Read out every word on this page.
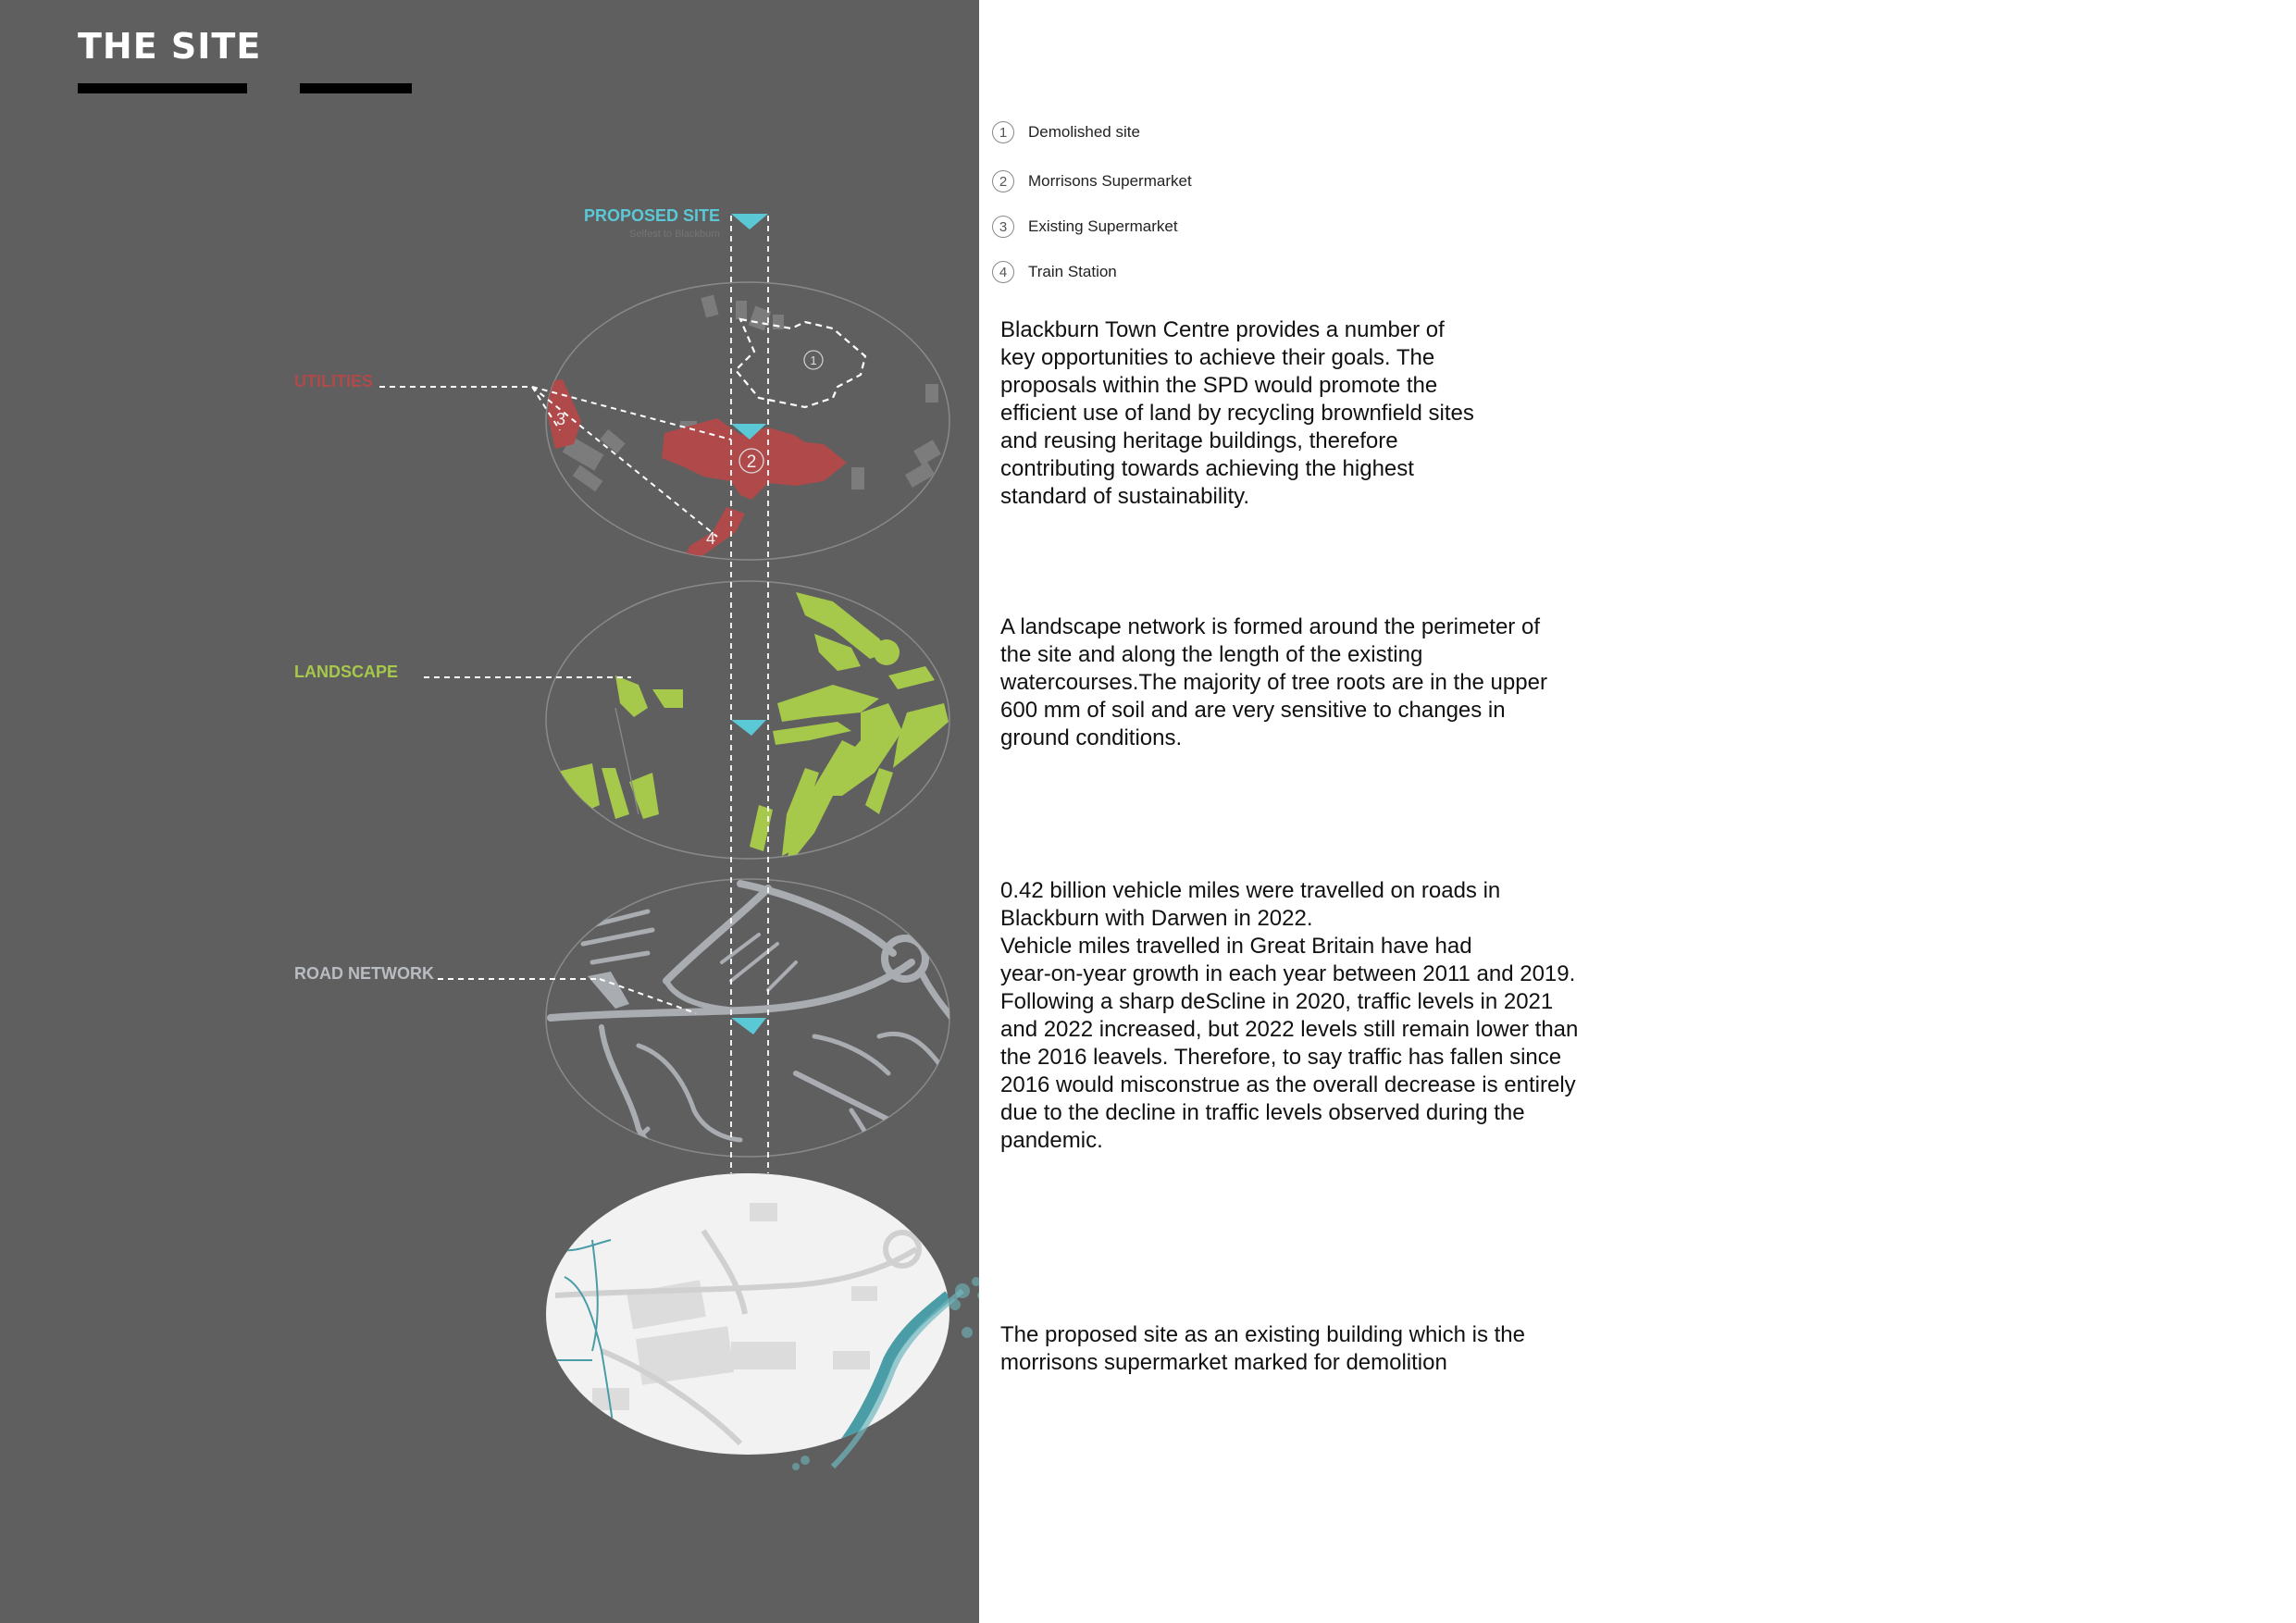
THE SITE
1
2
3
4
UTILITIES
LANDSCAPE
ROAD NETWORK
PROPOSED SITE
Selfest to Blackburn
1	Demolished site
2	Morrisons Supermarket
3	Existing Supermarket
4	Train Station

Blackburn Town Centre provides a number of
key opportunities to achieve their goals. The
proposals within the SPD would promote the
efficient use of land by recycling brownfield sites
and reusing heritage buildings, therefore
contributing towards achieving the highest
standard of sustainability.

A landscape network is formed around the perimeter of
the site and along the length of the existing
watercourses.The majority of tree roots are in the upper
600 mm of soil and are very sensitive to changes in
ground conditions.

0.42 billion vehicle miles were travelled on roads in
Blackburn with Darwen in 2022.
Vehicle miles travelled in Great Britain have had
year-on-year growth in each year between 2011 and 2019.
Following a sharp deScline in 2020, traffic levels in 2021
and 2022 increased, but 2022 levels still remain lower than
the 2016 leavels. Therefore, to say traffic has fallen since
2016 would misconstrue as the overall decrease is entirely
due to the decline in traffic levels observed during the
pandemic.

The proposed site as an existing building which is the
morrisons supermarket marked for demolition
